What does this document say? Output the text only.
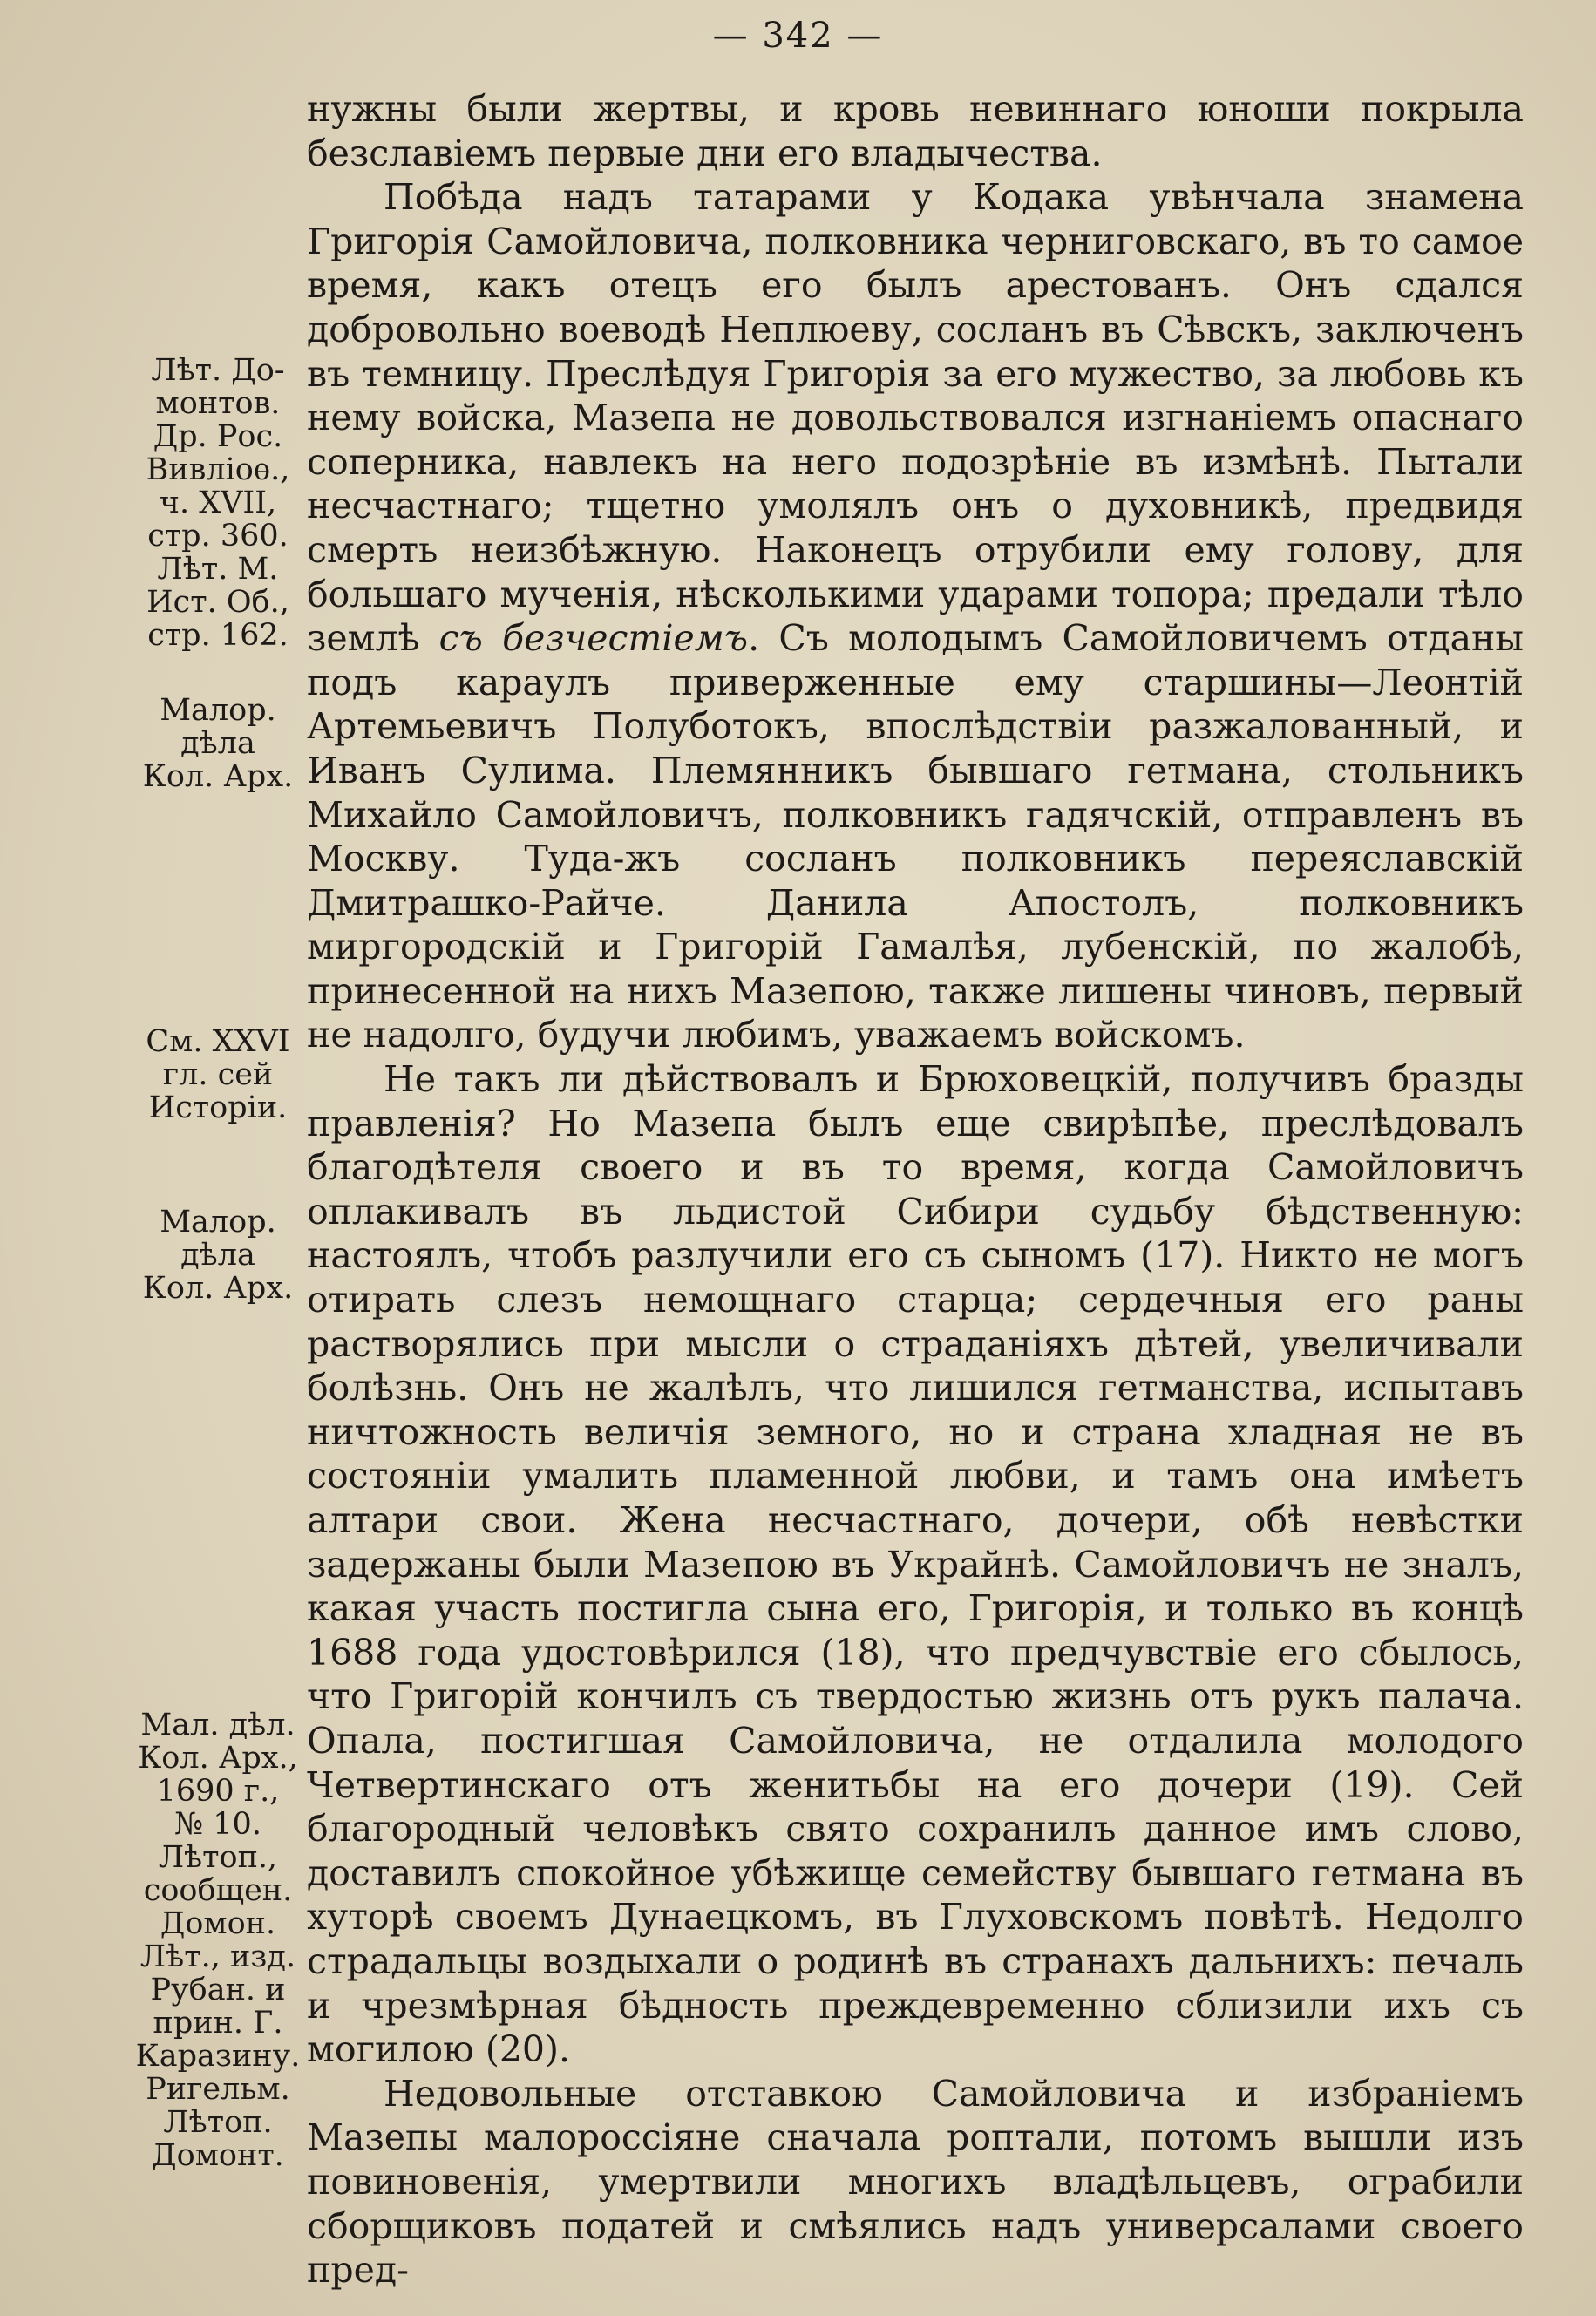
— 342 —
Лѣт. До-
монтов.
Др. Рос.
Вивліоѳ.,
ч. XVII,
стр. 360.
Лѣт. М.
Ист. Об.,
стр. 162.
Малор.
дѣла
Кол. Арх.
См. XXVI
гл. сей
Исторіи.
Малор.
дѣла
Кол. Арх.
Мал. дѣл.
Кол. Арх.,
1690 г.,
№ 10.
Лѣтоп.,
сообщен.
Домон.
Лѣт., изд.
Рубан. и
прин. Г.
Каразину.
Ригельм.
Лѣтоп.
Домонт.

нужны были жертвы, и кровь невиннаго юноши покрыла безславіемъ первые дни его владычества.

Побѣда надъ татарами у Кодака увѣнчала знамена Григорія Самойловича, полковника черниговскаго, въ то самое время, какъ отецъ его былъ арестованъ. Онъ сдался добровольно воеводѣ Неплюеву, сосланъ въ Сѣвскъ, заключенъ въ темницу. Преслѣдуя Григорія за его мужество, за любовь къ нему войска, Мазепа не довольствовался изгнаніемъ опаснаго соперника, навлекъ на него подозрѣніе въ измѣнѣ. Пытали несчастнаго; тщетно умолялъ онъ о духовникѣ, предвидя смерть неизбѣжную. Наконецъ отрубили ему голову, для большаго мученія, нѣсколькими ударами топора; предали тѣло землѣ съ безчестіемъ. Съ молодымъ Самойловичемъ отданы подъ караулъ приверженные ему старшины—Леонтій Артемьевичъ Полуботокъ, впослѣдствіи разжалованный, и Иванъ Сулима. Племянникъ бывшаго гетмана, стольникъ Михайло Самойловичъ, полковникъ гадячскій, отправленъ въ Москву. Туда-жъ сосланъ полковникъ переяславскій Дмитрашко-Райче. Данила Апостолъ, полковникъ миргородскій и Григорій Гамалѣя, лубенскій, по жалобѣ, принесенной на нихъ Мазепою, также лишены чиновъ, первый не надолго, будучи любимъ, уважаемъ войскомъ.

Не такъ ли дѣйствовалъ и Брюховецкій, получивъ бразды правленія? Но Мазепа былъ еще свирѣпѣе, преслѣдовалъ благодѣтеля своего и въ то время, когда Самойловичъ оплакивалъ въ льдистой Сибири судьбу бѣдственную: настоялъ, чтобъ разлучили его съ сыномъ (17). Никто не могъ отирать слезъ немощнаго старца; сердечныя его раны растворялись при мысли о страданіяхъ дѣтей, увеличивали болѣзнь. Онъ не жалѣлъ, что лишился гетманства, испытавъ ничтожность величія земного, но и страна хладная не въ состояніи умалить пламенной любви, и тамъ она имѣетъ алтари свои. Жена несчастнаго, дочери, обѣ невѣстки задержаны были Мазепою въ Украйнѣ. Самойловичъ не зналъ, какая участь постигла сына его, Григорія, и только въ концѣ 1688 года удостовѣрился (18), что предчувствіе его сбылось, что Григорій кончилъ съ твердостью жизнь отъ рукъ палача. Опала, постигшая Самойловича, не отдалила молодого Четвертинскаго отъ женитьбы на его дочери (19). Сей благородный человѣкъ свято сохранилъ данное имъ слово, доставилъ спокойное убѣжище семейству бывшаго гетмана въ хуторѣ своемъ Дунаецкомъ, въ Глуховскомъ повѣтѣ. Недолго страдальцы воздыхали о родинѣ въ странахъ дальнихъ: печаль и чрезмѣрная бѣдность преждевременно сблизили ихъ съ могилою (20).

Недовольные отставкою Самойловича и избраніемъ Мазепы малороссіяне сначала роптали, потомъ вышли изъ повиновенія, умертвили многихъ владѣльцевъ, ограбили сборщиковъ податей и смѣялись надъ универсалами своего пред-
